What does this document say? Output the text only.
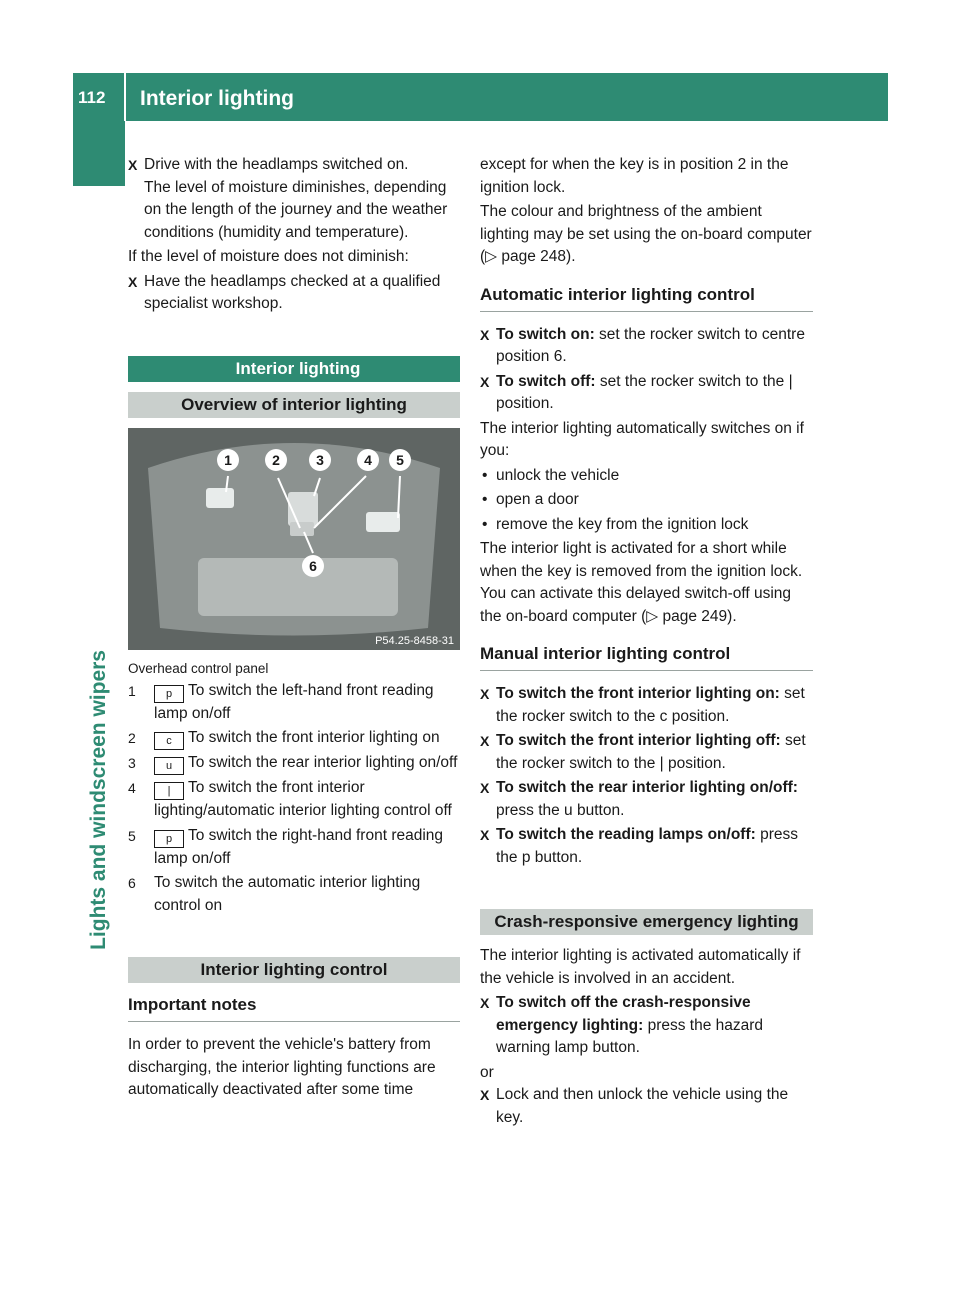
112 Interior lighting
Lights and windscreen wipers

X Drive with the headlamps switched on.
The level of moisture diminishes, depending on the length of the journey and the weather conditions (humidity and temperature).

If the level of moisture does not diminish:

X Have the headlamps checked at a qualified specialist workshop.

Interior lighting
Overview of interior lighting
1	2	3	4 5
6
P54.25-8458-31

Overhead control panel

1	p To switch the left-hand front reading lamp on/off
2	c To switch the front interior lighting on
3	u To switch the rear interior lighting on/off
4	| To switch the front interior lighting/automatic interior lighting control off
5	p To switch the right-hand front reading lamp on/off
6 To switch the automatic interior lighting control on
Interior lighting control
Important notes

In order to prevent the vehicle's battery from discharging, the interior lighting functions are automatically deactivated after some time

except for when the key is in position 2 in the ignition lock.

The colour and brightness of the ambient lighting may be set using the on-board computer (▷ page 248).

Automatic interior lighting control

X To switch on: set the rocker switch to centre position 6.

X To switch off: set the rocker switch to the | position.

The interior lighting automatically switches on if you:

• unlock the vehicle

• open a door

• remove the key from the ignition lock

The interior light is activated for a short while when the key is removed from the ignition lock. You can activate this delayed switch-off using the on-board computer (▷ page 249).

Manual interior lighting control

X To switch the front interior lighting on: set the rocker switch to the c position.

X To switch the front interior lighting off: set the rocker switch to the | position.

X To switch the rear interior lighting on/off: press the u button.

X To switch the reading lamps on/off: press the p button.

Crash-responsive emergency lighting

The interior lighting is activated automatically if the vehicle is involved in an accident.

X To switch off the crash-responsive emergency lighting: press the hazard warning lamp button.

or

X Lock and then unlock the vehicle using the key.
